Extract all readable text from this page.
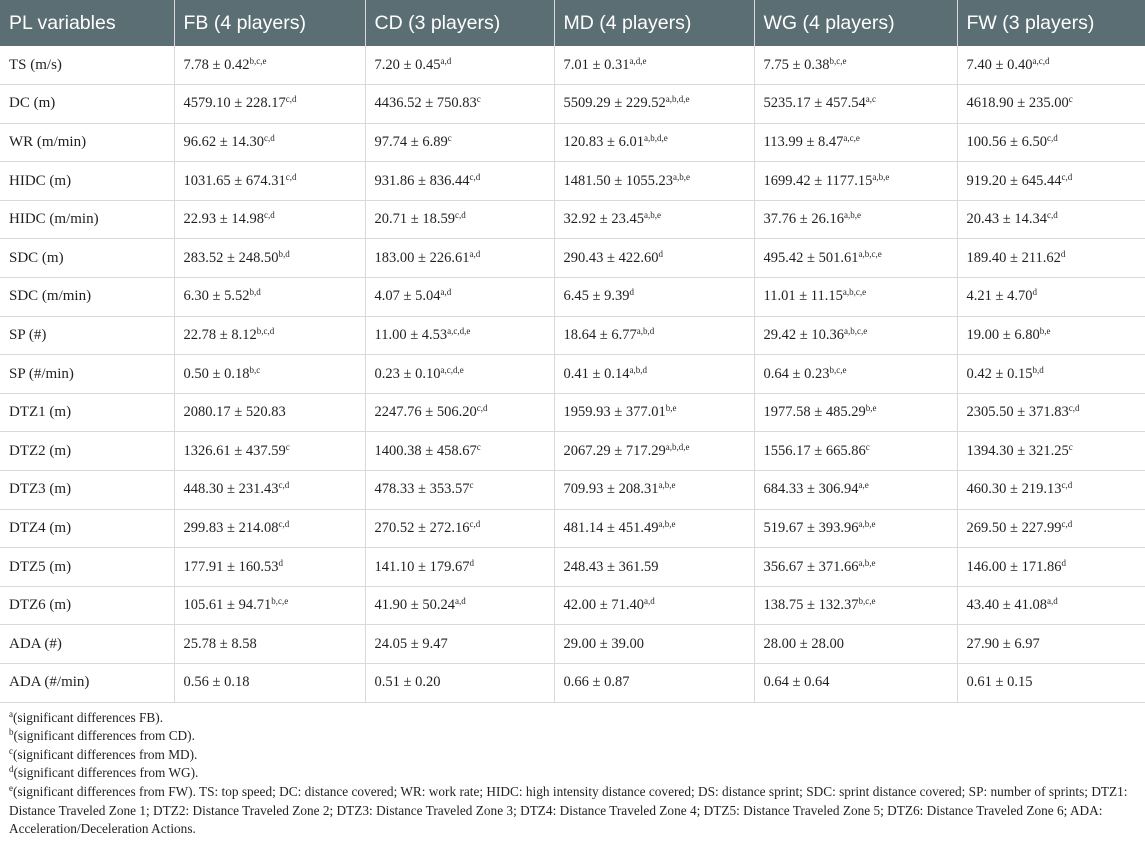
PL variables	FB (4 players)	CD (3 players)	MD (4 players)	WG (4 players)	FW (3 players)
TS (m/s)	$7.78 \pm 0.42^{b,c,e}$	$7.20 \pm 0.45^{a,d}$	$7.01 \pm 0.31^{a,d,e}$	$7.75 \pm 0.38^{b,c,e}$	$7.40 \pm 0.40^{a,c,d}$
DC (m)	$4579.10 \pm 228.17^{c,d}$	4436.52 ± 750.83$^c$	$5509.29 \pm 229.52^{a,b,d,e}$	$5235.17 \pm 457.54^{a,c}$	4618.90 ± 235.00$^c$
WR (m/min)	$96.62 \pm 14.30^{c,d}$	97.74 ± 6.89$^c$	$120.83 \pm 6.01^{a,b,d,e}$	$113.99 \pm 8.47^{a,c,e}$	$100.56 \pm 6.50^{c,d}$
HIDC (m)	$1031.65 \pm 674.31^{c,d}$	$931.86 \pm 836.44^{c,d}$	$1481.50 \pm 1055.23^{a,b,e}$	$1699.42 \pm 1177.15^{a,b,e}$	$919.20 \pm 645.44^{c,d}$
HIDC (m/min)	$22.93 \pm 14.98^{c,d}$	$20.71 \pm 18.59^{c,d}$	$32.92 \pm 23.45^{a,b,e}$	$37.76 \pm 26.16^{a,b,e}$	$20.43 \pm 14.34^{c,d}$
SDC (m)	$283.52 \pm 248.50^{b,d}$	$183.00 \pm 226.61^{a,d}$	290.43 ± 422.60$^d$	$495.42 \pm 501.61^{a,b,c,e}$	189.40 ± 211.62$^d$
SDC (m/min)	$6.30 \pm 5.52^{b,d}$	$4.07 \pm 5.04^{a,d}$	6.45 ± 9.39$^d$	$11.01 \pm 11.15^{a,b,c,e}$	4.21 ± 4.70$^d$
SP (#)	$22.78 \pm 8.12^{b,c,d}$	$11.00 \pm 4.53^{a,c,d,e}$	$18.64 \pm 6.77^{a,b,d}$	$29.42 \pm 10.36^{a,b,c,e}$	$19.00 \pm 6.80^{b,e}$
SP (#/min)	$0.50 \pm 0.18^{b,c}$	$0.23 \pm 0.10^{a,c,d,e}$	$0.41 \pm 0.14^{a,b,d}$	$0.64 \pm 0.23^{b,c,e}$	$0.42 \pm 0.15^{b,d}$
DTZ1 (m)	2080.17 ± 520.83	$2247.76 \pm 506.20^{c,d}$	$1959.93 \pm 377.01^{b,e}$	$1977.58 \pm 485.29^{b,e}$	$2305.50 \pm 371.83^{c,d}$
DTZ2 (m)	1326.61 ± 437.59$^c$	1400.38 ± 458.67$^c$	$2067.29 \pm 717.29^{a,b,d,e}$	1556.17 ± 665.86$^c$	1394.30 ± 321.25$^c$
DTZ3 (m)	$448.30 \pm 231.43^{c,d}$	478.33 ± 353.57$^c$	$709.93 \pm 208.31^{a,b,e}$	$684.33 \pm 306.94^{a,e}$	$460.30 \pm 219.13^{c,d}$
DTZ4 (m)	$299.83 \pm 214.08^{c,d}$	$270.52 \pm 272.16^{c,d}$	$481.14 \pm 451.49^{a,b,e}$	$519.67 \pm 393.96^{a,b,e}$	$269.50 \pm 227.99^{c,d}$
DTZ5 (m)	177.91 ± 160.53$^d$	141.10 ± 179.67$^d$	248.43 ± 361.59	$356.67 \pm 371.66^{a,b,e}$	146.00 ± 171.86$^d$
DTZ6 (m)	$105.61 \pm 94.71^{b,c,e}$	$41.90 \pm 50.24^{a,d}$	$42.00 \pm 71.40^{a,d}$	$138.75 \pm 132.37^{b,c,e}$	$43.40 \pm 41.08^{a,d}$
ADA (#)	25.78 ± 8.58	24.05 ± 9.47	29.00 ± 39.00	28.00 ± 28.00	27.90 ± 6.97
ADA (#/min)	0.56 ± 0.18	0.51 ± 0.20	0.66 ± 0.87	0.64 ± 0.64	0.61 ± 0.15

$^a$(significant differences FB).

$^b$(significant differences from CD).

$^c$(significant differences from MD).

$^d$(significant differences from WG).

$^e$(significant differences from FW). TS: top speed; DC: distance covered; WR: work rate; HIDC: high intensity distance covered; DS: distance sprint; SDC: sprint distance covered; SP: number of sprints; DTZ1: Distance Traveled Zone 1; DTZ2: Distance Traveled Zone 2; DTZ3: Distance Traveled Zone 3; DTZ4: Distance Traveled Zone 4; DTZ5: Distance Traveled Zone 5; DTZ6: Distance Traveled Zone 6; ADA: Acceleration/Deceleration Actions.
